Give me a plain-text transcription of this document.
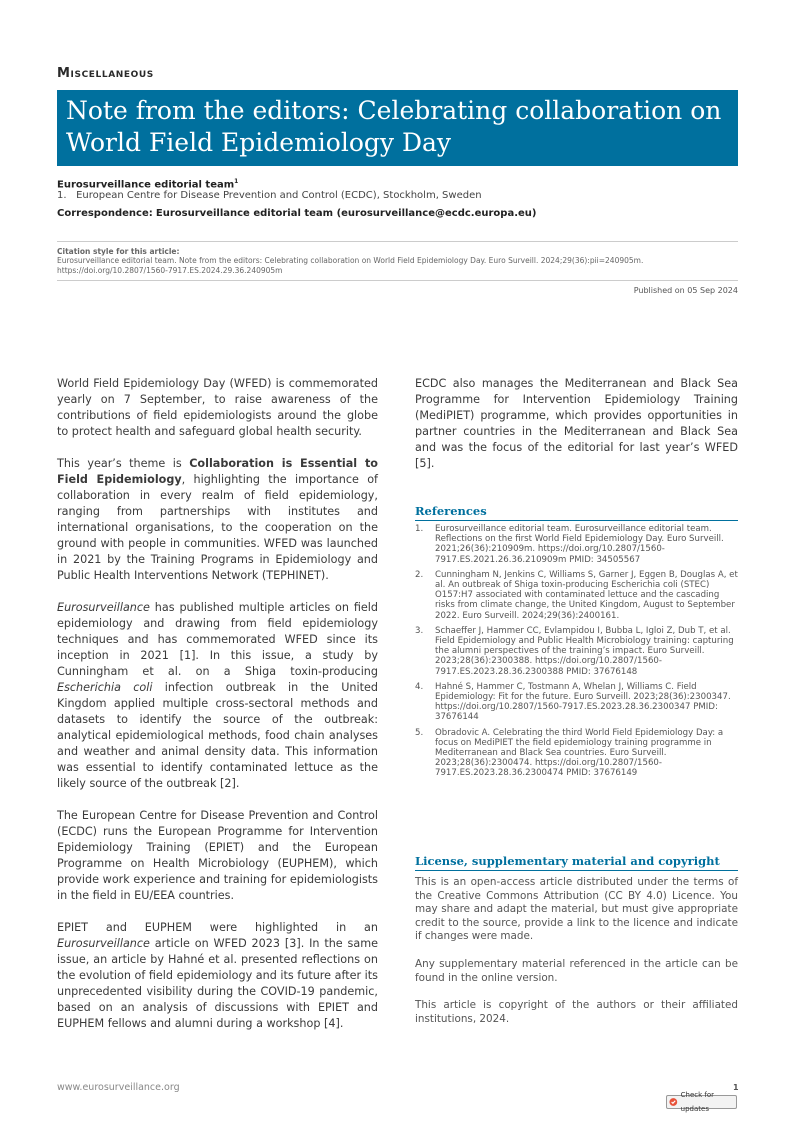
Miscellaneous
Note from the editors: Celebrating collaboration on World Field Epidemiology Day
Eurosurveillance editorial team$^1$
1.   European Centre for Disease Prevention and Control (ECDC), Stockholm, Sweden
Correspondence: Eurosurveillance editorial team (eurosurveillance@ecdc.europa.eu)
Citation style for this article:
Eurosurveillance editorial team. Note from the editors: Celebrating collaboration on World Field Epidemiology Day. Euro Surveill. 2024;29(36):pii=240905m. https://doi.org/10.2807/1560-7917.ES.2024.29.36.240905m
Published on 05 Sep 2024

World Field Epidemiology Day (WFED) is commemorated yearly on 7 September, to raise awareness of the contributions of field epidemiologists around the globe to protect health and safeguard global health security.

This year’s theme is Collaboration is Essential to Field Epidemiology, highlighting the importance of collaboration in every realm of field epidemiology, ranging from partnerships with institutes and international organisations, to the cooperation on the ground with people in communities. WFED was launched in 2021 by the Training Programs in Epidemiology and Public Health Interventions Network (TEPHINET).

Eurosurveillance has published multiple articles on field epidemiology and drawing from field epidemiology techniques and has commemorated WFED since its inception in 2021 [1]. In this issue, a study by Cunningham et al. on a Shiga toxin-producing Escherichia coli infection outbreak in the United Kingdom applied multiple cross-sectoral methods and datasets to identify the source of the outbreak: analytical epidemiological methods, food chain analyses and weather and animal density data. This information was essential to identify contaminated lettuce as the likely source of the outbreak [2].

The European Centre for Disease Prevention and Control (ECDC) runs the European Programme for Intervention Epidemiology Training (EPIET) and the European Programme on Health Microbiology (EUPHEM), which provide work experience and training for epidemiologists in the field in EU/EEA countries.

EPIET and EUPHEM were highlighted in an Eurosurveillance article on WFED 2023 [3]. In the same issue, an article by Hahné et al. presented reflections on the evolution of field epidemiology and its future after its unprecedented visibility during the COVID-19 pandemic, based on an analysis of discussions with EPIET and EUPHEM fellows and alumni during a workshop [4].

ECDC also manages the Mediterranean and Black Sea Programme for Intervention Epidemiology Training (MediPIET) programme, which provides opportunities in partner countries in the Mediterranean and Black Sea and was the focus of the editorial for last year’s WFED [5].

References
1. Eurosurveillance editorial team. Eurosurveillance editorial team. Reflections on the first World Field Epidemiology Day. Euro Surveill. 2021;26(36):210909m. https://doi.org/10.2807/1560-7917.ES.2021.26.36.210909m PMID: 34505567
2. Cunningham N, Jenkins C, Williams S, Garner J, Eggen B, Douglas A, et al. An outbreak of Shiga toxin-producing Escherichia coli (STEC) O157:H7 associated with contaminated lettuce and the cascading risks from climate change, the United Kingdom, August to September 2022. Euro Surveill. 2024;29(36):2400161.
3. Schaeffer J, Hammer CC, Evlampidou I, Bubba L, Igloi Z, Dub T, et al. Field Epidemiology and Public Health Microbiology training: capturing the alumni perspectives of the training’s impact. Euro Surveill. 2023;28(36):2300388. https://doi.org/10.2807/1560-7917.ES.2023.28.36.2300388 PMID: 37676148
4. Hahné S, Hammer C, Tostmann A, Whelan J, Williams C. Field Epidemiology: Fit for the future. Euro Surveill. 2023;28(36):2300347. https://doi.org/10.2807/1560-7917.ES.2023.28.36.2300347 PMID: 37676144
5. Obradovic A. Celebrating the third World Field Epidemiology Day: a focus on MediPIET the field epidemiology training programme in Mediterranean and Black Sea countries. Euro Surveill. 2023;28(36):2300474. https://doi.org/10.2807/1560-7917.ES.2023.28.36.2300474 PMID: 37676149
License, supplementary material and copyright

This is an open-access article distributed under the terms of the Creative Commons Attribution (CC BY 4.0) Licence. You may share and adapt the material, but must give appropriate credit to the source, provide a link to the licence and indicate if changes were made.

Any supplementary material referenced in the article can be found in the online version.

This article is copyright of the authors or their affiliated institutions, 2024.

www.eurosurveillance.org	1
Check for updates
